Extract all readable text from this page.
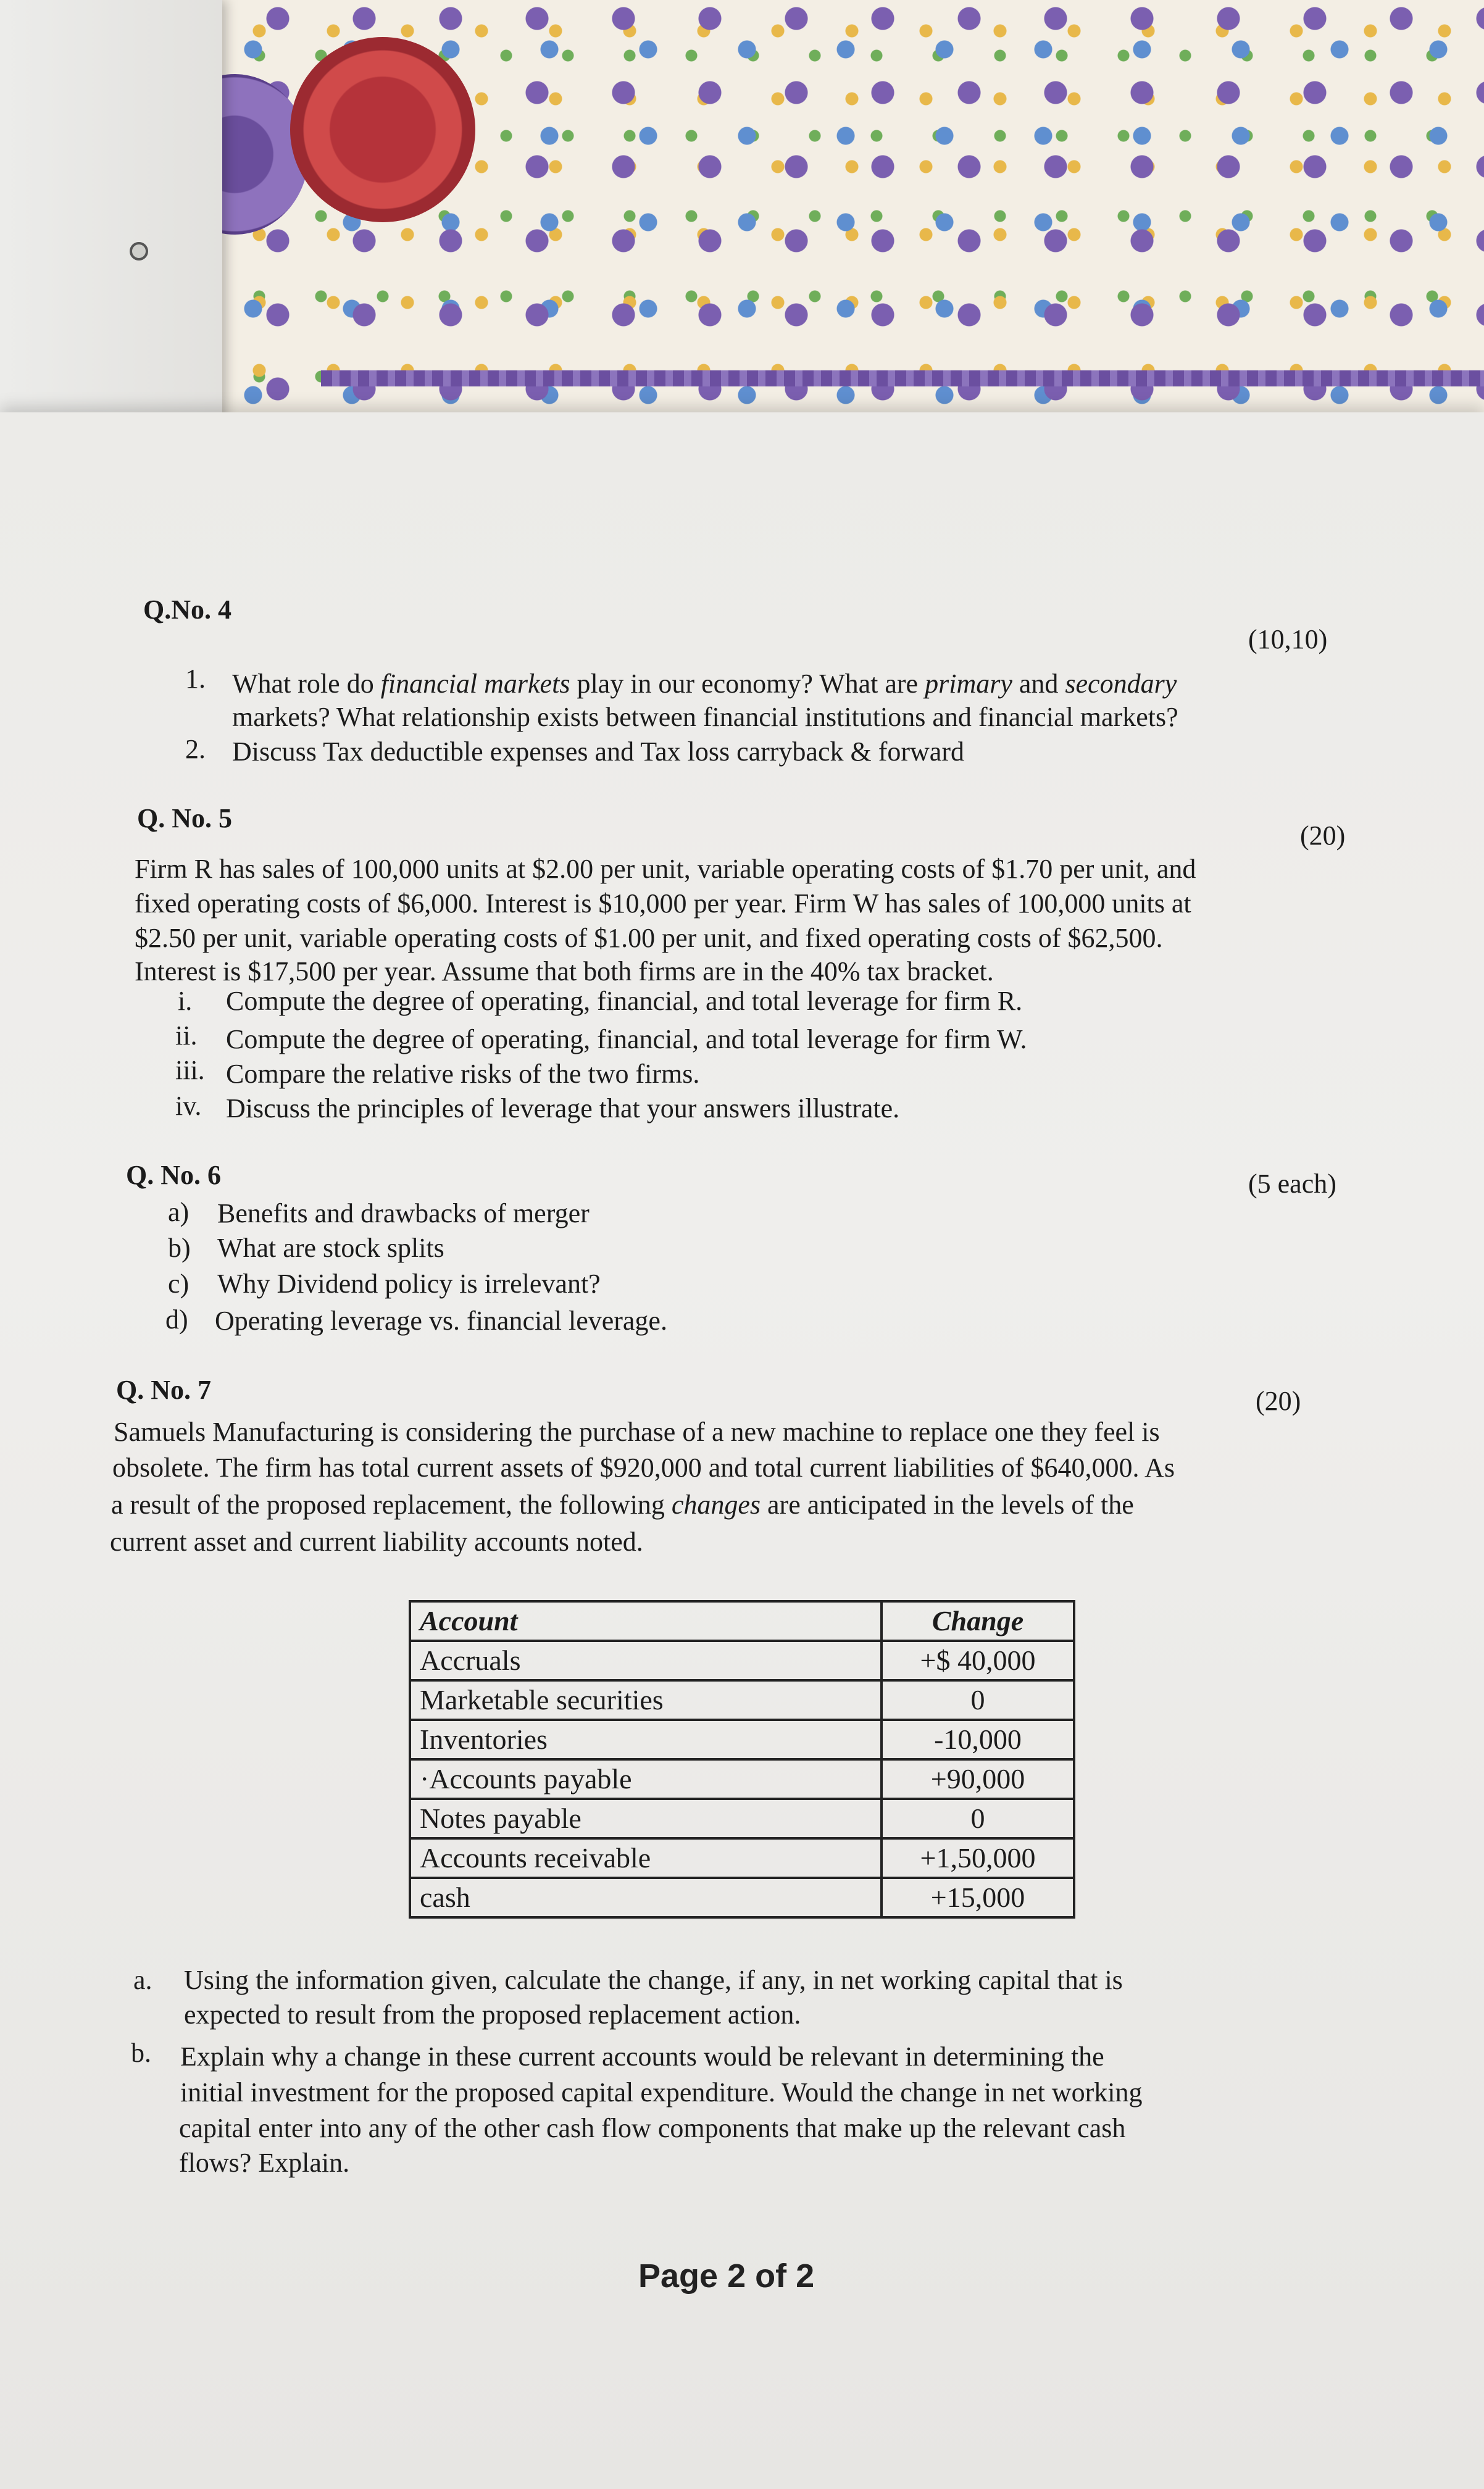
Q.No. 4
(10,10)
1. What role do financial markets play in our economy? What are primary and secondary
markets? What relationship exists between financial institutions and financial markets?
2. Discuss Tax deductible expenses and Tax loss carryback & forward
Q. No. 5
(20)
Firm R has sales of 100,000 units at $2.00 per unit, variable operating costs of $1.70 per unit, and
fixed operating costs of $6,000. Interest is $10,000 per year. Firm W has sales of 100,000 units at
$2.50 per unit, variable operating costs of $1.00 per unit, and fixed operating costs of $62,500.
Interest is $17,500 per year. Assume that both firms are in the 40% tax bracket.
i. Compute the degree of operating, financial, and total leverage for firm R.
ii. Compute the degree of operating, financial, and total leverage for firm W.
iii. Compare the relative risks of the two firms.
iv. Discuss the principles of leverage that your answers illustrate.
Q. No. 6	(5 each)
a) Benefits and drawbacks of merger
b) What are stock splits
c) Why Dividend policy is irrelevant?
d) Operating leverage vs. financial leverage.
Q. No. 7	(20)
Samuels Manufacturing is considering the purchase of a new machine to replace one they feel is
obsolete. The firm has total current assets of $920,000 and total current liabilities of $640,000. As
a result of the proposed replacement, the following changes are anticipated in the levels of the
current asset and current liability accounts noted.
Account	Change
Accruals	+$ 40,000
Marketable securities	0
Inventories	-10,000
·Accounts payable	+90,000
Notes payable	0
Accounts receivable	+1,50,000
cash	+15,000
a. Using the information given, calculate the change, if any, in net working capital that is
expected to result from the proposed replacement action.
b. Explain why a change in these current accounts would be relevant in determining the
initial investment for the proposed capital expenditure. Would the change in net working
capital enter into any of the other cash flow components that make up the relevant cash
flows? Explain.
Page 2 of 2
